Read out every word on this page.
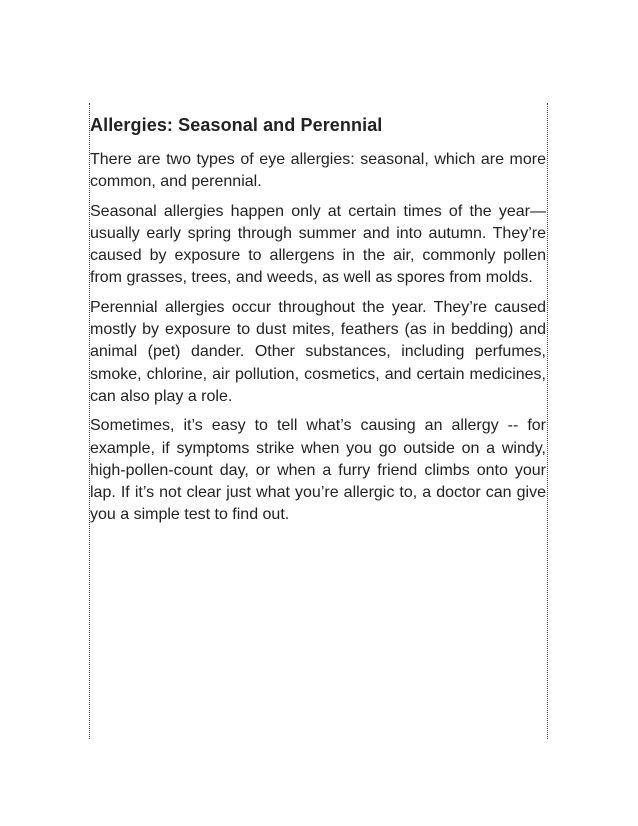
Allergies: Seasonal and Perennial

There are two types of eye allergies: seasonal, which are more common, and perennial.

Seasonal allergies happen only at certain times of the year—usually early spring through summer and into autumn. They’re caused by exposure to allergens in the air, commonly pollen from grasses, trees, and weeds, as well as spores from molds.

Perennial allergies occur throughout the year. They’re caused mostly by exposure to dust mites, feathers (as in bedding) and animal (pet) dander. Other substances, including perfumes, smoke, chlorine, air pollution, cosmetics, and certain medicines, can also play a role.

Sometimes, it’s easy to tell what’s causing an allergy -- for example, if symptoms strike when you go outside on a windy, high-pollen-count day, or when a furry friend climbs onto your lap. If it’s not clear just what you’re allergic to, a doctor can give you a simple test to find out.
